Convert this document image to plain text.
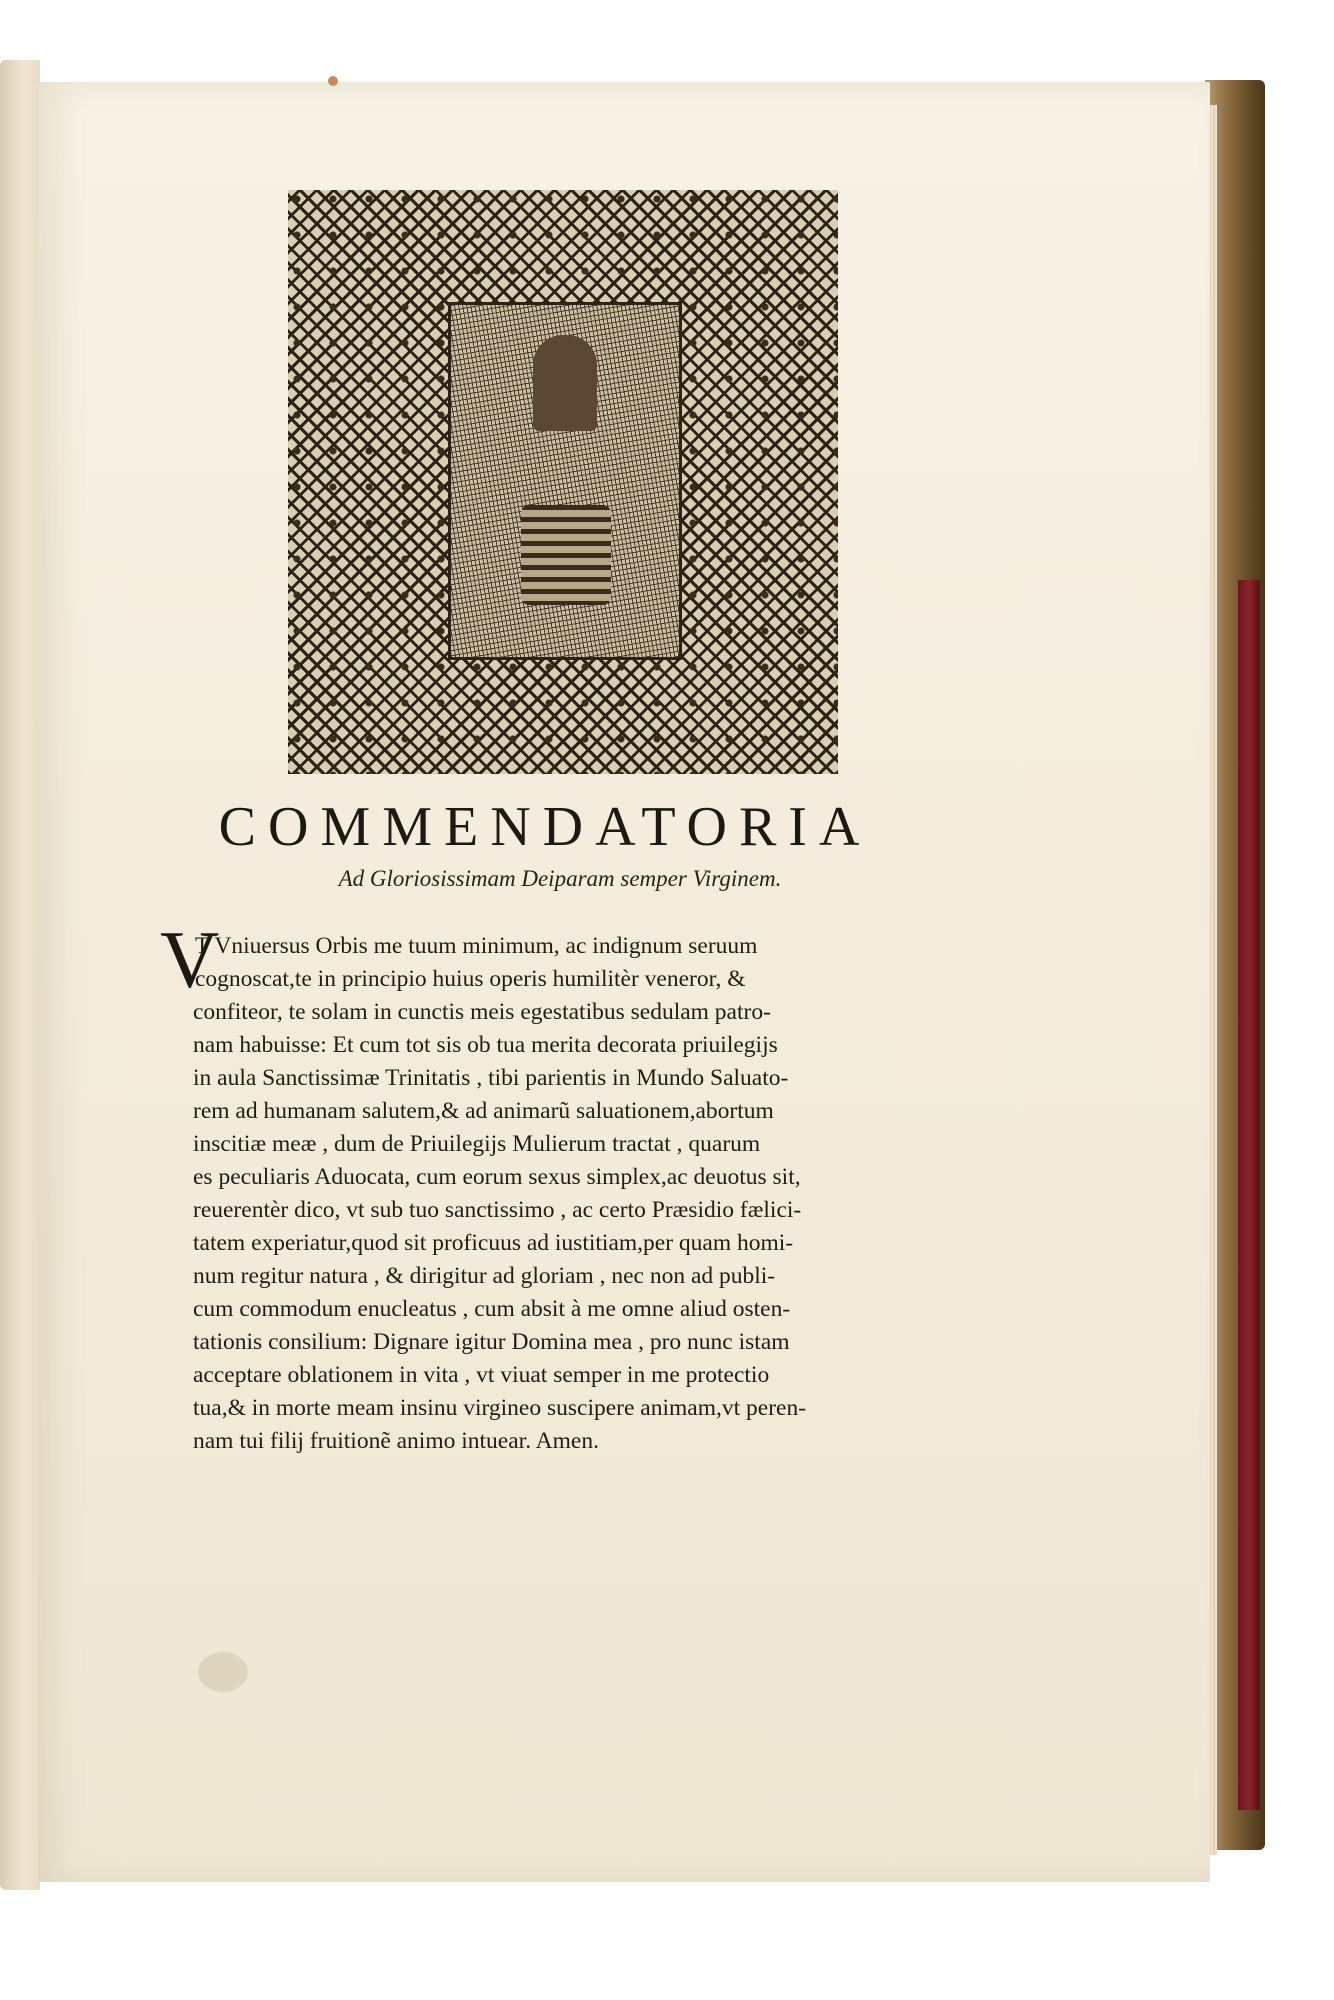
COMMENDATORIA
Ad Gloriosissimam Deiparam semper Virginem.
V
T Vniuersus Orbis me tuum minimum, ac indignum seruum
cognoscat,te in principio huius operis humilitèr veneror, &
confiteor, te solam in cunctis meis egestatibus sedulam patro-
nam habuisse: Et cum tot sis ob tua merita decorata priuilegijs
in aula Sanctissimæ Trinitatis , tibi parientis in Mundo Saluato-
rem ad humanam salutem,& ad animarũ saluationem,abortum
inscitiæ meæ , dum de Priuilegijs Mulierum tractat , quarum
es peculiaris Aduocata, cum eorum sexus simplex,ac deuotus sit,
reuerentèr dico, vt sub tuo sanctissimo , ac certo Præsidio fælici-
tatem experiatur,quod sit proficuus ad iustitiam,per quam homi-
num regitur natura , & dirigitur ad gloriam , nec non ad publi-
cum commodum enucleatus , cum absit à me omne aliud osten-
tationis consilium: Dignare igitur Domina mea , pro nunc istam
acceptare oblationem in vita , vt viuat semper in me protectio
tua,& in morte meam insinu virgineo suscipere animam,vt peren-
nam tui filij fruitionẽ animo intuear. Amen.
